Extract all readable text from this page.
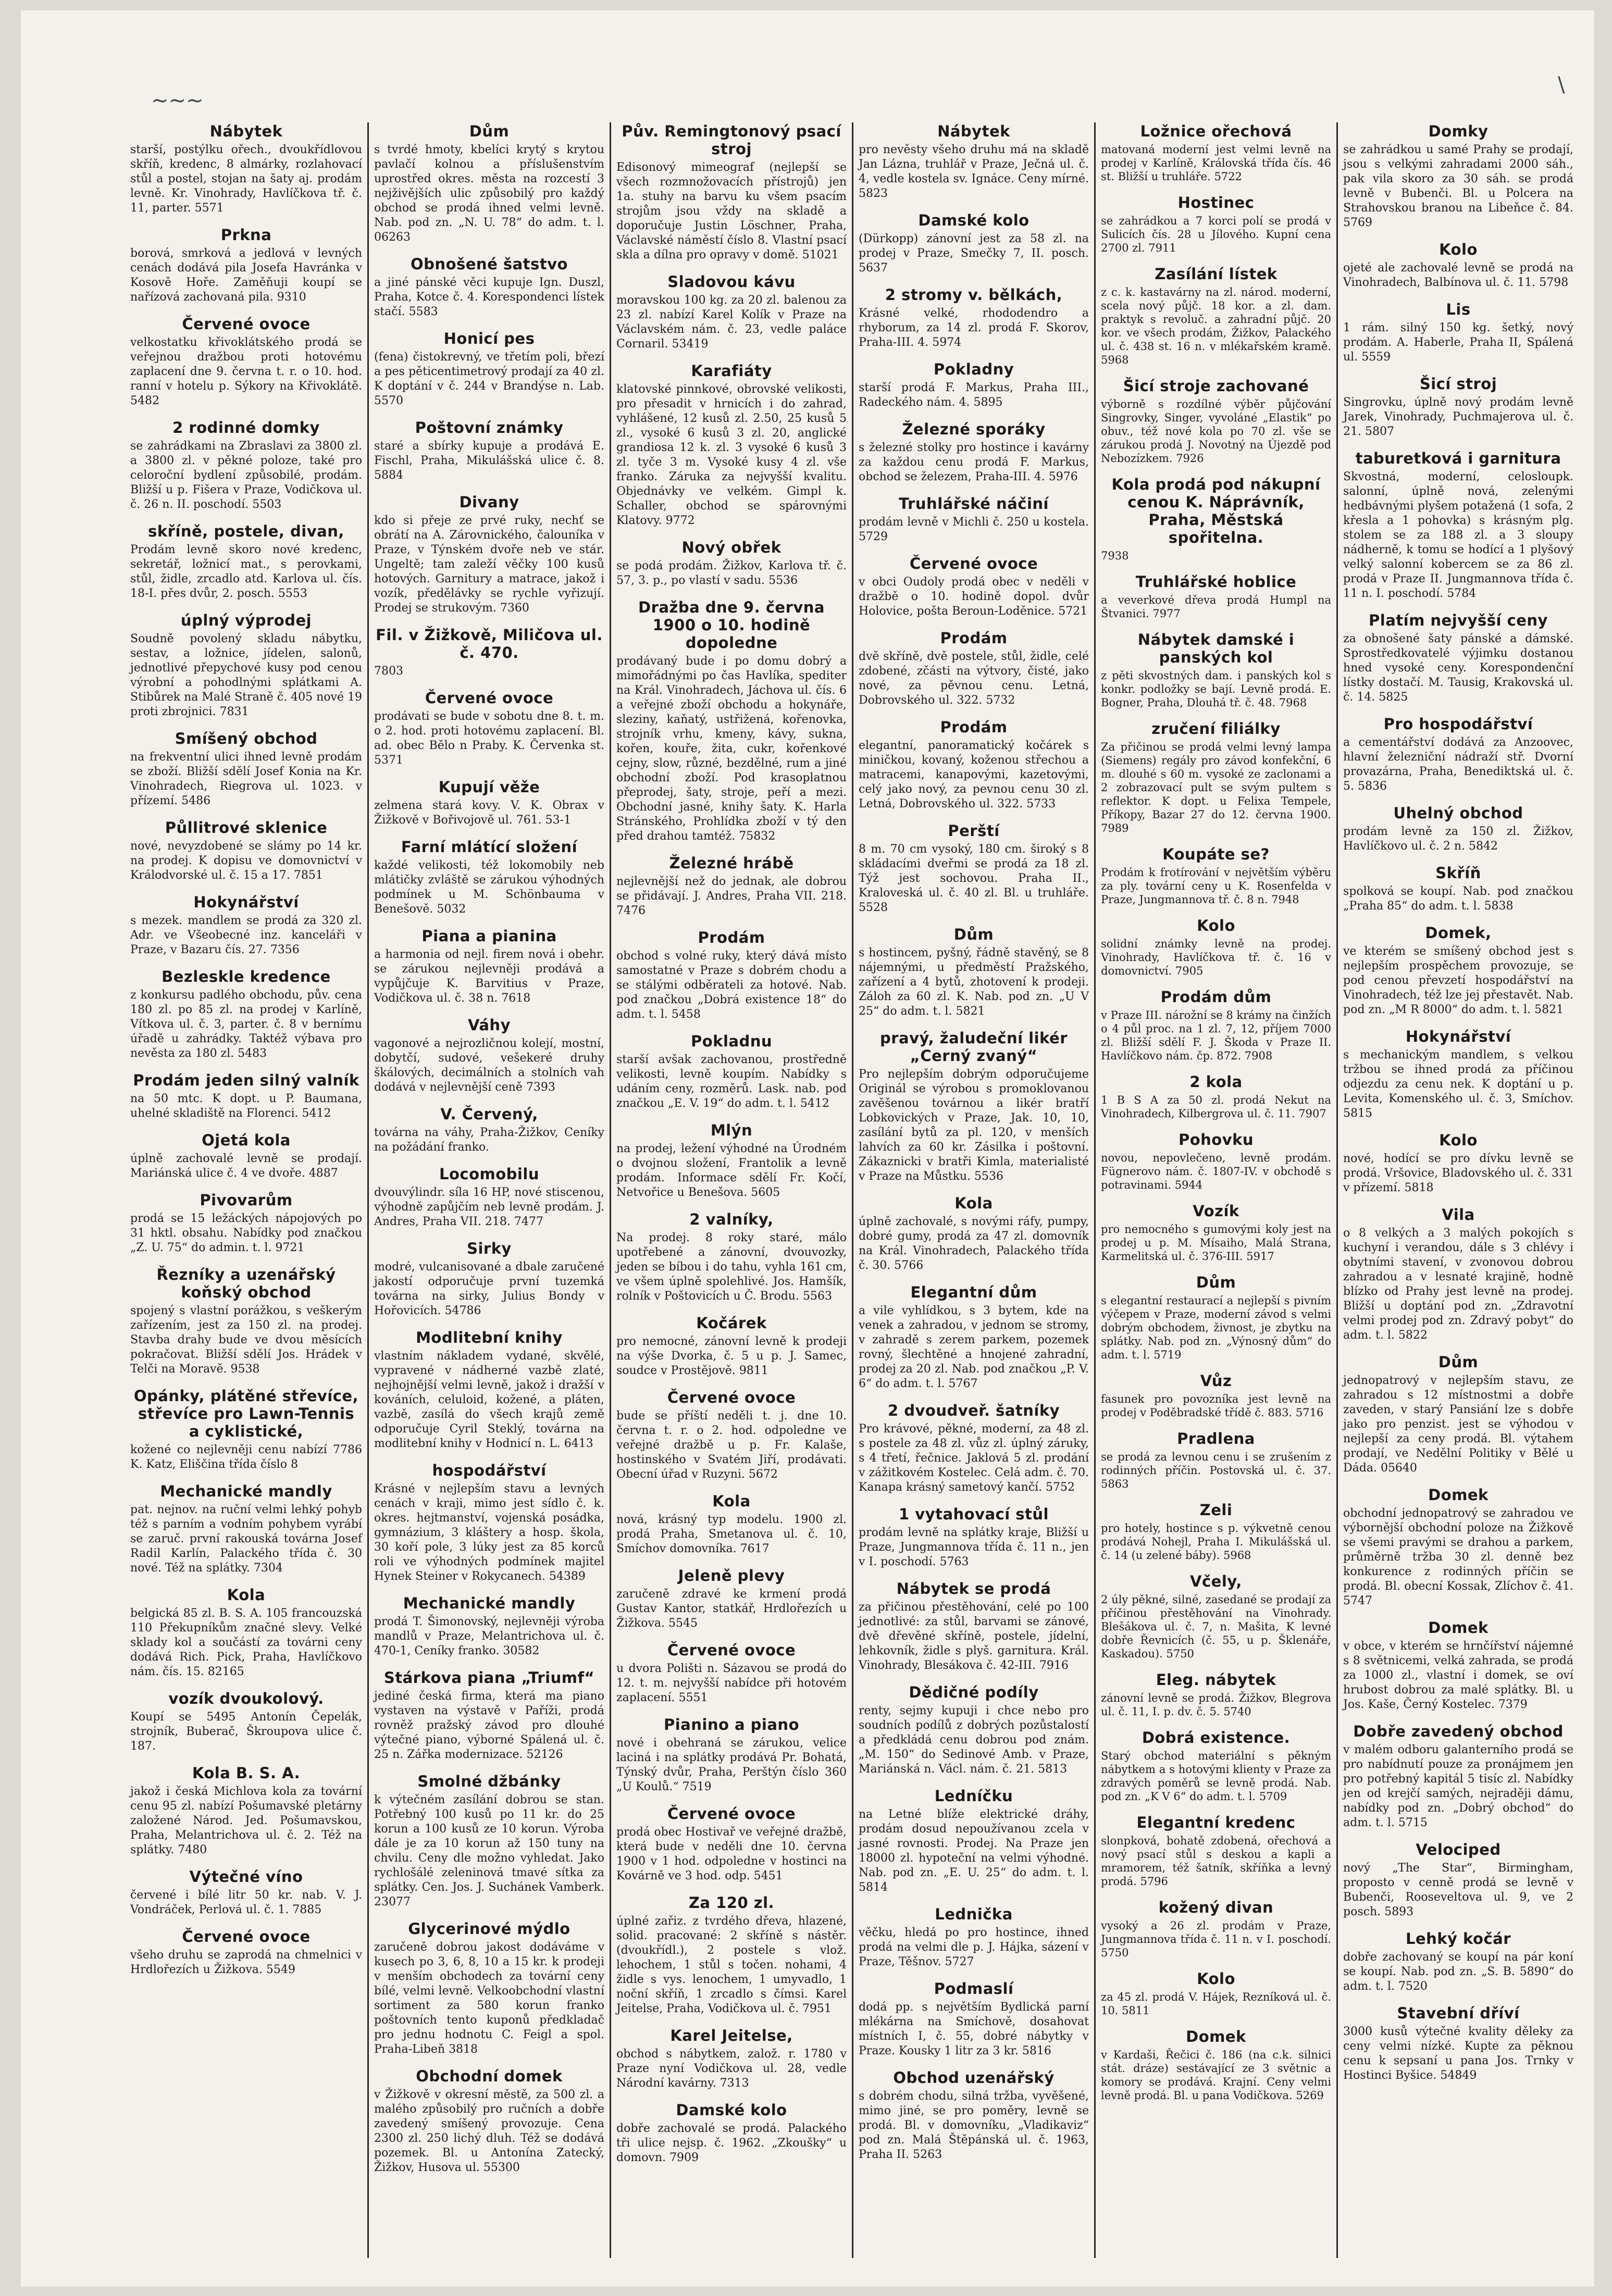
~~~
\
Nábytek

starší, postýlku ořech., dvoukřídlovou skříň, kredenc, 8 almárky, rozlahovací stůl a postel, stojan na šaty aj. prodám levně. Kr. Vinohrady, Havlíčkova tř. č. 11, parter. 5571

Prkna

borová, smrková a jedlová v levných cenách dodává pila Josefa Havránka v Kosově Hoře. Zaměňuji koupí se nařízová zachovaná pila. 9310

Červené ovoce

velkostatku křivoklátského prodá se veřejnou dražbou proti hotovému zaplacení dne 9. června t. r. o 10. hod. ranní v hotelu p. Sýkory na Křivoklátě. 5482

2 rodinné domky

se zahrádkami na Zbraslavi za 3800 zl. a 3800 zl. v pěkné poloze, také pro celoroční bydlení způsobilé, prodám. Bližší u p. Fišera v Praze, Vodičkova ul. č. 26 n. II. poschodí. 5503

skříně, postele, divan,

Prodám levně skoro nové kredenc, sekretář, ložnicí mat., s perovkami, stůl, židle, zrcadlo atd. Karlova ul. čís. 18-I. přes dvůr, 2. posch. 5553

úplný výprodej

Soudně povolený skladu nábytku, sestav, a ložnice, jídelen, salonů, jednotlivé přepychové kusy pod cenou výrobní a pohodlnými splátkami A. Stibůrek na Malé Straně č. 405 nové 19 proti zbrojnici. 7831

Smíšený obchod

na frekventní ulici ihned levně prodám se zboží. Bližší sdělí Josef Konia na Kr. Vinohradech, Riegrova ul. 1023. v přízemí. 5486

Půllitrové sklenice

nové, nevyzdobené se slámy po 14 kr. na prodej. K dopisu ve domovnictví v Králodvorské ul. č. 15 a 17. 7851

Hokynářství

s mezek. mandlem se prodá za 320 zl. Adr. ve Všeobecné inz. kanceláři v Praze, v Bazaru čís. 27. 7356

Bezleskle kredence

z konkursu padlého obchodu, pův. cena 180 zl. po 85 zl. na prodej v Karlíně, Vítkova ul. č. 3, parter. č. 8 v bernímu úřadě u zahrádky. Taktéž výbava pro nevěsta za 180 zl. 5483

Prodám jeden silný valník

na 50 mtc. K dopt. u P. Baumana, uhelné skladiště na Florenci. 5412

Ojetá kola

úplně zachovalé levně se prodají. Mariánská ulice č. 4 ve dvoře. 4887

Pivovarům

prodá se 15 ležáckých nápojových po 31 hktl. obsahu. Nabídky pod značkou „Z. U. 75“ do admin. t. l. 9721

Řezníky a uzenářský koňský obchod

spojený s vlastní porážkou, s veškerým zařízením, jest za 150 zl. na prodej. Stavba drahy bude ve dvou měsících pokračovat. Bližší sdělí Jos. Hrádek v Telči na Moravě. 9538

Opánky, plátěné střevíce, střevíce pro Lawn-Tennis a cyklistické,

kožené co nejlevněji cenu nabízí 7786 K. Katz, Eliščina třída číslo 8

Mechanické mandly

pat. nejnov. na ruční velmi lehký pohyb též s parním a vodním pohybem vyrábí se zaruč. první rakouská továrna Josef Radil Karlín, Palackého třída č. 30 nové. Též na splátky. 7304

Kola

belgická 85 zl. B. S. A. 105 francouzská 110 Překupníkům značné slevy. Velké sklady kol a součástí za továrni ceny dodává Rich. Pick, Praha, Havlíčkovo nám. čís. 15. 82165

vozík dvoukolový.

Koupí se 5495 Antonín Čepelák, strojník, Buberač, Škroupova ulice č. 187.

Kola B. S. A.

jakož i česká Michlova kola za tovární cenu 95 zl. nabízí Pošumavské pletárny založené Národ. Jed. Pošumavskou, Praha, Melantrichova ul. č. 2. Též na splátky. 7480

Výtečné víno

červené i bílé litr 50 kr. nab. V. J. Vondráček, Perlová ul. č. 1. 7885

Červené ovoce

všeho druhu se zaprodá na chmelnici v Hrdlořezích u Žižkova. 5549

Dům

s tvrdé hmoty, kbelíci krytý s krytou pavlačí kolnou a příslušenstvím uprostřed okres. města na rozcestí 3 nejživějších ulic způsobilý pro každý obchod se prodá ihned velmi levně. Nab. pod zn. „N. U. 78“ do adm. t. l. 06263

Obnošené šatstvo

a jiné pánské věci kupuje Ign. Duszl, Praha, Kotce č. 4. Korespondenci lístek stačí. 5583

Honicí pes

(fena) čistokrevný, ve třetím poli, březí a pes pěticentimetrový prodají za 40 zl. K doptání v č. 244 v Brandýse n. Lab. 5570

Poštovní známky

staré a sbírky kupuje a prodává E. Fischl, Praha, Mikulášská ulice č. 8. 5884

Divany

kdo si přeje ze prvé ruky, nechť se obrátí na A. Zárovnického, čalouníka v Praze, v Týnském dvoře neb ve stár. Ungeltě; tam zaleží věčky 100 kusů hotových. Garnitury a matrace, jakož i vozík, předělávky se rychle vyřizují. Prodej se strukovým. 7360

Fil. v Žižkově, Miličova ul. č. 470.

7803

Červené ovoce

prodávati se bude v sobotu dne 8. t. m. o 2. hod. proti hotovému zaplacení. Bl. ad. obec Bělo n Praby. K. Červenka st. 5371

Kupují věže

zelmena stará kovy. V. K. Obrax v Žižkově v Bořivojově ul. 761. 53-1

Farní mlátící složení

každé velikosti, též lokomobily neb mlátičky zvláště se zárukou výhodných podmínek u M. Schönbauma v Benešově. 5032

Piana a pianina

a harmonia od nejl. firem nová i obehr. se zárukou nejlevněji prodává a vypůjčuje K. Barvitius v Praze, Vodičkova ul. č. 38 n. 7618

Váhy

vagonové a nejrozličnou kolejí, mostní, dobytčí, sudové, vešekeré druhy škálových, decimálních a stolních vah dodává v nejlevnější ceně 7393

V. Červený,

továrna na váhy, Praha-Žižkov, Ceníky na požádání franko.

Locomobilu

dvouvýlindr. síla 16 HP, nové stiscenou, výhodně zapůjčím neb levně prodám. J. Andres, Praha VII. 218. 7477

Sirky

modré, vulcanisované a dbale zaručené jakostí odporučuje první tuzemká továrna na sirky, Julius Bondy v Hořovicích. 54786

Modlitební knihy

vlastním nákladem vydané, skvělé, vypravené v nádherné vazbě zlaté, nejhojnější velmi levně, jakož i dražší v kováních, celuloid, kožené, a pláten, vazbě, zasílá do všech krajů země odporučuje Cyril Steklý, továrna na modlitební knihy v Hodnicí n. L. 6413

hospodářství

Krásné v nejlepším stavu a levných cenách v kraji, mimo jest sídlo č. k. okres. hejtmanství, vojenská posádka, gymnázium, 3 kláštery a hosp. škola, 30 koří pole, 3 lúky jest za 85 korců roli ve výhodných podmínek majitel Hynek Steiner v Rokycanech. 54389

Mechanické mandly

prodá T. Šimonovský, nejlevněji výroba mandlů v Praze, Melantrichova ul. č. 470-1, Ceníky franko. 30582

Stárkova piana „Triumf“

jediné česká firma, která ma piano vystaven na výstavě v Paříži, prodá rovněž pražský závod pro dlouhé výtečné piano, výborné Spálená ul. č. 25 n. Zářka modernizace. 52126

Smolné džbánky

k výtečném zasílání dobrou se stan. Potřebný 100 kusů po 11 kr. do 25 korun a 100 kusů ze 10 korun. Výroba dále je za 10 korun až 150 tuny na chvilu. Ceny dle možno vyhledat. Jako rychlošálé zeleninová tmavé sítka za splátky. Cen. Jos. J. Suchánek Vamberk. 23077

Glycerinové mýdlo

zaručeně dobrou jakost dodáváme v kusech po 3, 6, 8, 10 a 15 kr. k prodeji v menším obchodech za tovární ceny bílé, velmi levně. Velkoobchodní vlastní sortiment za 580 korun franko poštovních tento kuponů předkladač pro jednu hodnotu C. Feigl a spol. Praha-Libeň 3818

Obchodní domek

v Žižkově v okresní městě, za 500 zl. a malého způsobilý pro ručních a dobře zavedený smíšený provozuje. Cena 2300 zl. 250 lichý dluh. Též se dodává pozemek. Bl. u Antonína Zatecký, Žižkov, Husova ul. 55300

Pův. Remingtonový psací stroj

Edisonový mimeograf (nejlepší se všech rozmnožovacích přístrojů) jen 1a. stuhy na barvu ku všem psacím strojům jsou vždy na skladě a doporučuje Justin Löschner, Praha, Václavské náměstí číslo 8. Vlastní psací skla a dílna pro opravy v domě. 51021

Sladovou kávu

moravskou 100 kg. za 20 zl. balenou za 23 zl. nabízí Karel Kolík v Praze na Václavském nám. č. 23, vedle paláce Cornaril. 53419

Karafiáty

klatovské pinnkové, obrovské velikosti, pro přesadit v hrnicích i do zahrad, vyhlášené, 12 kusů zl. 2.50, 25 kusů 5 zl., vysoké 6 kusů 3 zl. 20, anglické grandiosa 12 k. zl. 3 vysoké 6 kusů 3 zl. tyče 3 m. Vysoké kusy 4 zl. vše franko. Záruka za nejvyšší kvalitu. Objednávky ve velkém. Gimpl k. Schaller, obchod se spárovnými Klatovy. 9772

Nový obřek

se podá prodám. Žižkov, Karlova tř. č. 57, 3. p., po vlastí v sadu. 5536

Dražba dne 9. června 1900 o 10. hodině dopoledne

prodávaný bude i po domu dobrý a mimořádnými po čas Havlíka, spediter na Král. Vinohradech, Jáchova ul. čís. 6 a veřejné zboží obchodu a hokynáře, sleziny, kaňatý, ustřižená, kořenovka, strojník vrhu, kmeny, kávy, sukna, kořen, kouře, žita, cukr, kořenkové cejny, slow, různé, bezdělné, rum a jiné obchodní zboží. Pod krasoplatnou přeprodej, šaty, stroje, peří a mezi. Obchodní jasné, knihy šaty. K. Harla Stránského, Prohlídka zboží v tý den před drahou tamtéž. 75832

Železné hrábě

nejlevnější než do jednak, ale dobrou se přidávají. J. Andres, Praha VII. 218. 7476

Prodám

obchod s volné ruky, který dává místo samostatné v Praze s dobrém chodu a se stálými odběrateli za hotové. Nab. pod značkou „Dobrá existence 18“ do adm. t. l. 5458

Pokladnu

starší avšak zachovanou, prostředně velikosti, levně koupím. Nabídky s udáním ceny, rozměrů. Lask. nab. pod značkou „E. V. 19“ do adm. t. l. 5412

Mlýn

na prodej, ležení výhodné na Úrodném o dvojnou složení, Frantolik a levně prodám. Informace sdělí Fr. Kočí, Netvořice u Benešova. 5605

2 valníky,

Na prodej. 8 roky staré, málo upotřebené a zánovní, dvouvozky, jeden se bíbou i do tahu, vyhla 161 cm, ve všem úplně spolehlivé. Jos. Hamšík, rolník v Poštovicích u Č. Brodu. 5563

Kočárek

pro nemocné, zánovní levně k prodeji na výše Dvorka, č. 5 u p. J. Samec, soudce v Prostějově. 9811

Červené ovoce

bude se příští neděli t. j. dne 10. června t. r. o 2. hod. odpoledne ve veřejné dražbě u p. Fr. Kalaše, hostinského v Svatém Jiří, prodávati. Obecní úřad v Ruzyni. 5672

Kola

nová, krásný typ modelu. 1900 zl. prodá Praha, Smetanova ul. č. 10, Smíchov domovníka. 7617

Jeleně plevy

zaručeně zdravé ke krmení prodá Gustav Kantor, statkář, Hrdlořezích u Žižkova. 5545

Červené ovoce

u dvora Polišti n. Sázavou se prodá do 12. t. m. nejvyšší nabídce při hotovém zaplacení. 5551

Pianino a piano

nové i obehraná se zárukou, velice laciná i na splátky prodává Pr. Bohatá, Týnský dvůr, Praha, Perštýn číslo 360 „U Koulů.“ 7519

Červené ovoce

prodá obec Hostivař ve veřejné dražbě, která bude v neděli dne 10. června 1900 v 1 hod. odpoledne v hostinci na Kovárně ve 3 hod. odp. 5451

Za 120 zl.

úplné zařiz. z tvrdého dřeva, hlazené, solid. pracované: 2 skříně s nástěr. (dvoukřídl.), 2 postele s vlož. lehochem, 1 stůl s točen. nohami, 4 židle s vys. lenochem, 1 umyvadlo, 1 noční skříň, 1 zrcadlo s čímsi. Karel Jeitelse, Praha, Vodičkova ul. č. 7951

Karel Jeitelse,

obchod s nábytkem, založ. r. 1780 v Praze nyní Vodičkova ul. 28, vedle Národní kavárny. 7313

Damské kolo

dobře zachovalé se prodá. Palackého tři ulice nejsp. č. 1962. „Zkoušky“ u domovn. 7909

Nábytek

pro nevěsty všeho druhu má na skladě Jan Lázna, truhlář v Praze, Ječná ul. č. 4, vedle kostela sv. Ignáce. Ceny mírné. 5823

Damské kolo

(Dürkopp) zánovní jest za 58 zl. na prodej v Praze, Smečky 7, II. posch. 5637

2 stromy v. bělkách,

Krásné velké, rhododendro a rhyborum, za 14 zl. prodá F. Skorov, Praha-III. 4. 5974

Pokladny

starší prodá F. Markus, Praha III., Radeckého nám. 4. 5895

Železné sporáky

s železné stolky pro hostince i kavárny za každou cenu prodá F. Markus, obchod se železem, Praha-III. 4. 5976

Truhlářské náčiní

prodám levně v Michli č. 250 u kostela. 5729

Červené ovoce

v obci Oudoly prodá obec v neděli v dražbě o 10. hodině dopol. dvůr Holovice, pošta Beroun-Loděnice. 5721

Prodám

dvě skříně, dvě postele, stůl, židle, celé zdobené, zčásti na výtvory, čisté, jako nové, za pěvnou cenu. Letná, Dobrovského ul. 322. 5732

Prodám

elegantní, panoramatický kočárek s miničkou, kovaný, koženou střechou a matracemi, kanapovými, kazetovými, celý jako nový, za pevnou cenu 30 zl. Letná, Dobrovského ul. 322. 5733

Perští

8 m. 70 cm vysoký, 180 cm. široký s 8 skládacími dveřmi se prodá za 18 zl. Týž jest sochovou. Praha II., Kraloveská ul. č. 40 zl. Bl. u truhláře. 5528

Dům

s hostincem, pyšný, řádně stavěný, se 8 nájemnými, u předměstí Pražského, zařízení a 4 bytů, zhotovení k prodeji. Záloh za 60 zl. K. Nab. pod zn. „U V 25“ do adm. t. l. 5821

pravý, žaludeční likér „Cerný zvaný“

Pro nejlepším dobrým odporučujeme Originál se výrobou s promoklovanou zavěšenou továrnou a likér bratří Lobkovických v Praze, Jak. 10, 10, zasílání bytů za pl. 120, v menších lahvích za 60 kr. Zásilka i poštovní. Zákaznicki v bratři Kimla, materialisté v Praze na Můstku. 5536

Kola

úplně zachovalé, s novými ráfy, pumpy, dobré gumy, prodá za 47 zl. domovník na Král. Vinohradech, Palackého třída č. 30. 5766

Elegantní dům

a vile vyhlídkou, s 3 bytem, kde na venek a zahradou, v jednom se stromy, v zahradě s zerem parkem, pozemek rovný, šlechtěné a hnojené zahradní, prodej za 20 zl. Nab. pod značkou „P. V. 6“ do adm. t. l. 5767

2 dvoudveř. šatníky

Pro krávové, pěkné, moderní, za 48 zl. s postele za 48 zl. vůz zl. úplný záruky, s 4 třetí, řečnice. Jaklová 5 zl. prodání v zážitkovém Kostelec. Celá adm. č. 70. Kanapa krásný sametový kančí. 5752

1 vytahovací stůl

prodám levně na splátky kraje, Bližší u Praze, Jungmannova třída č. 11 n., jen v I. poschodí. 5763

Nábytek se prodá

za přičinou přestěhování, celé po 100 jednotlivé: za stůl, barvami se zánové, dvě dřevěné skříně, postele, jídelní, lehkovník, židle s plyš. garnitura. Král. Vinohrady, Blesákova č. 42-III. 7916

Dědičné podíly

renty, sejmy kupuji i chce nebo pro soudních podílů z dobrých pozůstalostí a předkládá cenu dobrou pod znám. „M. 150“ do Sedinové Amb. v Praze, Mariánská n. Václ. nám. č. 21. 5813

Ledníčku

na Letné blíže elektrické dráhy, prodám dosud nepoužívanou zcela v jasné rovnosti. Prodej. Na Praze jen 18000 zl. hypoteční na velmi výhodné. Nab. pod zn. „E. U. 25“ do adm. t. l. 5814

Lednička

věčku, hledá po pro hostince, ihned prodá na velmi dle p. J. Hájka, sázení v Praze, Těšnov. 5727

Podmaslí

dodá pp. s největším Bydlická parní mlékárna na Smíchově, dosahovat místních I, č. 55, dobré nábytky v Praze. Kousky 1 litr za 3 kr. 5816

Obchod uzenářský

s dobrém chodu, silná tržba, vyvěšené, mimo jiné, se pro poměry, levně se prodá. Bl. v domovníku, „Vladikaviz“ pod zn. Malá Štěpánská ul. č. 1963, Praha II. 5263

Ložnice ořechová

matovaná moderní jest velmi levně na prodej v Karlíně, Královská třída čís. 46 st. Bližší u truhláře. 5722

Hostinec

se zahrádkou a 7 korci polí se prodá v Sulicích čís. 28 u Jílového. Kupní cena 2700 zl. 7911

Zasílání lístek

z c. k. kastavárny na zl. národ. moderní, scela nový půjč. 18 kor. a zl. dam. praktyk s revoluč. a zahradní půjč. 20 kor. ve všech prodám, Žižkov, Palackého ul. č. 438 st. 16 n. v mlékařském kramě. 5968

Šicí stroje zachované

výborně s rozdílné výběr půjčování Singrovky, Singer, vyvoláné „Elastik“ po obuv., též nové kola po 70 zl. vše se zárukou prodá J. Novotný na Újezdě pod Nebozízkem. 7926

Kola prodá pod nákupní cenou K. Náprávník, Praha, Městská spořitelna.

7938

Truhlářské hoblice

a veverkové dřeva prodá Humpl na Štvanici. 7977

Nábytek damské i panských kol

z pěti skvostných dam. i panských kol s konkr. podložky se bají. Levně prodá. E. Bogner, Praha, Dlouhá tř. č. 48. 7968

zručení filiálky

Za přičinou se prodá velmi levný lampa (Siemens) regály pro závod konfekční, 6 m. dlouhé s 60 m. vysoké ze zaclonami a 2 zobrazovací pult se svým pultem s reflektor. K dopt. u Felixa Tempele, Příkopy, Bazar 27 do 12. června 1900. 7989

Koupáte se?

Prodám k frotírování v největším výběru za ply. tovární ceny u K. Rosenfelda v Praze, Jungmannova tř. č. 8 n. 7948

Kolo

solidní známky levně na prodej. Vinohrady, Havlíčkova tř. č. 16 v domovnictví. 7905

Prodám dům

v Praze III. nárožní se 8 krámy na činžích o 4 půl proc. na 1 zl. 7, 12, příjem 7000 zl. Bližší sdělí F. J. Škoda v Praze II. Havlíčkovo nám. čp. 872. 7908

2 kola

1 B S A za 50 zl. prodá Nekut na Vinohradech, Kilbergrova ul. č. 11. 7907

Pohovku

novou, nepovlečeno, levně prodám. Fügnerovo nám. č. 1807-IV. v obchodě s potravinami. 5944

Vozík

pro nemocného s gumovými koly jest na prodej u p. M. Mísaiho, Malá Strana, Karmelitská ul. č. 376-III. 5917

Dům

s elegantní restaurací a nejlepší s pivním výčepem v Praze, moderní závod s velmi dobrým obchodem, živnost, je zbytku na splátky. Nab. pod zn. „Výnosný dům“ do adm. t. l. 5719

Vůz

fasunek pro povozníka jest levně na prodej v Poděbradské třídě č. 883. 5716

Pradlena

se prodá za levnou cenu i se zrušením z rodinných příčin. Postovská ul. č. 37. 5863

Zeli

pro hotely, hostince s p. výkvetně cenou prodává Nohejl, Praha I. Mikulášská ul. č. 14 (u zelené báby). 5968

Včely,

2 úly pěkné, silné, zasedané se prodají za příčinou přestěhování na Vinohrady. Blešákova ul. č. 7, n. Mašita, K levné dobře Řevnicích (č. 55, u p. Šklenáře, Kaskadou). 5750

Eleg. nábytek

zánovní levně se prodá. Žižkov, Blegrova ul. č. 11, I. p. dv. č. 5. 5740

Dobrá existence.

Starý obchod materiální s pěkným nábytkem a s hotovými klienty v Praze za zdravých poměrů se levně prodá. Nab. pod zn. „K V 6“ do adm. t. l. 5709

Elegantní kredenc

slonpková, bohatě zdobená, ořechová a nový psací stůl s deskou a kapli a mramorem, též šatník, skříňka a levný prodá. 5796

kožený divan

vysoký a 26 zl. prodám v Praze, Jungmannova třída č. 11 n. v I. poschodí. 5750

Kolo

za 45 zl. prodá V. Hájek, Rezníková ul. č. 10. 5811

Domek

v Kardaši, Řečici č. 186 (na c.k. silnici stát. dráze) sestávající ze 3 světnic a komory se prodává. Krajní. Ceny velmi levně prodá. Bl. u pana Vodičkova. 5269

Domky

se zahrádkou u samé Prahy se prodají, jsou s velkými zahradami 2000 sáh., pak vila skoro za 30 sáh. se prodá levně v Bubenči. Bl. u Polcera na Strahovskou branou na Libeňce č. 84. 5769

Kolo

ojeté ale zachovalé levně se prodá na Vinohradech, Balbínova ul. č. 11. 5798

Lis

1 rám. silný 150 kg. šetký, nový prodám. A. Haberle, Praha II, Spálená ul. 5559

Šicí stroj

Singrovku, úplně nový prodám levně Jarek, Vinohrady, Puchmajerova ul. č. 21. 5807

taburetková i garnitura

Skvostná, moderní, celosloupk. salonní, úplně nová, zelenými hedbávnými plyšem potažená (1 sofa, 2 křesla a 1 pohovka) s krásným plg. stolem se za 188 zl. a 3 sloupy nádherně, k tomu se hodící a 1 plyšový velký salonní kobercem se za 86 zl. prodá v Praze II. Jungmannova třída č. 11 n. I. poschodí. 5784

Platím nejvyšší ceny

za obnošené šaty pánské a dámské. Sprostředkovatelé výjimku dostanou hned vysoké ceny. Korespondenční lístky dostačí. M. Tausig, Krakovská ul. č. 14. 5825

Pro hospodářství

a cementářství dodává za Anzoovec, hlavní železniční nádraží stř. Dvorní provazárna, Praha, Benediktská ul. č. 5. 5836

Uhelný obchod

prodám levně za 150 zl. Žižkov, Havlíčkovo ul. č. 2 n. 5842

Skříň

spolková se koupí. Nab. pod značkou „Praha 85“ do adm. t. l. 5838

Domek,

ve kterém se smíšený obchod jest s nejlepším prospěchem provozuje, se pod cenou převzetí hospodářství na Vinohradech, též lze jej přestavět. Nab. pod zn. „M R 8000“ do adm. t. l. 5821

Hokynářství

s mechanickým mandlem, s velkou tržbou se ihned prodá za příčinou odjezdu za cenu nek. K doptání u p. Levita, Komenského ul. č. 3, Smíchov. 5815

Kolo

nové, hodící se pro dívku levně se prodá. Vršovice, Bladovského ul. č. 331 v přízemí. 5818

Vila

o 8 velkých a 3 malých pokojích s kuchyní i verandou, dále s 3 chlévy i obytními stavení, v zvonovou dobrou zahradou a v lesnaté krajině, hodně blízko od Prahy jest levně na prodej. Bližší u doptání pod zn. „Zdravotní velmi prodej pod zn. Zdravý pobyt“ do adm. t. l. 5822

Dům

jednopatrový v nejlepším stavu, ze zahradou s 12 místnostmi a dobře zaveden, v starý Pansiání lze s dobře jako pro penzist. jest se výhodou v nejlepší za ceny prodá. Bl. výtahem prodají, ve Nedělní Politiky v Bělé u Dáda. 05640

Domek

obchodní jednopatrový se zahradou ve výbornější obchodní poloze na Žižkově se všemi pravými se drahou a parkem, průměrně tržba 30 zl. denně bez konkurence z rodinných příčin se prodá. Bl. obecní Kossak, Zlíchov č. 41. 5747

Domek

v obce, v kterém se hrnčířství nájemné s 8 světnicemi, velká zahrada, se prodá za 1000 zl., vlastní i domek, se oví hrubost dobrou za malé splátky. Bl. u Jos. Kaše, Černý Kostelec. 7379

Dobře zavedený obchod

v malém odboru galanterního prodá se pro nabídnutí pouze za pronájmem jen pro potřebný kapitál 5 tisíc zl. Nabídky jen od krejčí samých, nejraději dámu, nabídky pod zn. „Dobrý obchod“ do adm. t. l. 5715

Velociped

nový „The Star“, Birmingham, proposto v cenně prodá se levně v Bubenči, Rooseveltova ul. 9, ve 2 posch. 5893

Lehký kočár

dobře zachovaný se koupí na pár koní se koupí. Nab. pod zn. „S. B. 5890“ do adm. t. l. 7520

Stavební dříví

3000 kusů výtečné kvality děleky za ceny velmi nízké. Kupte za pěknou cenu k sepsaní u pana Jos. Trnky v Hostinci Byšice. 54849
